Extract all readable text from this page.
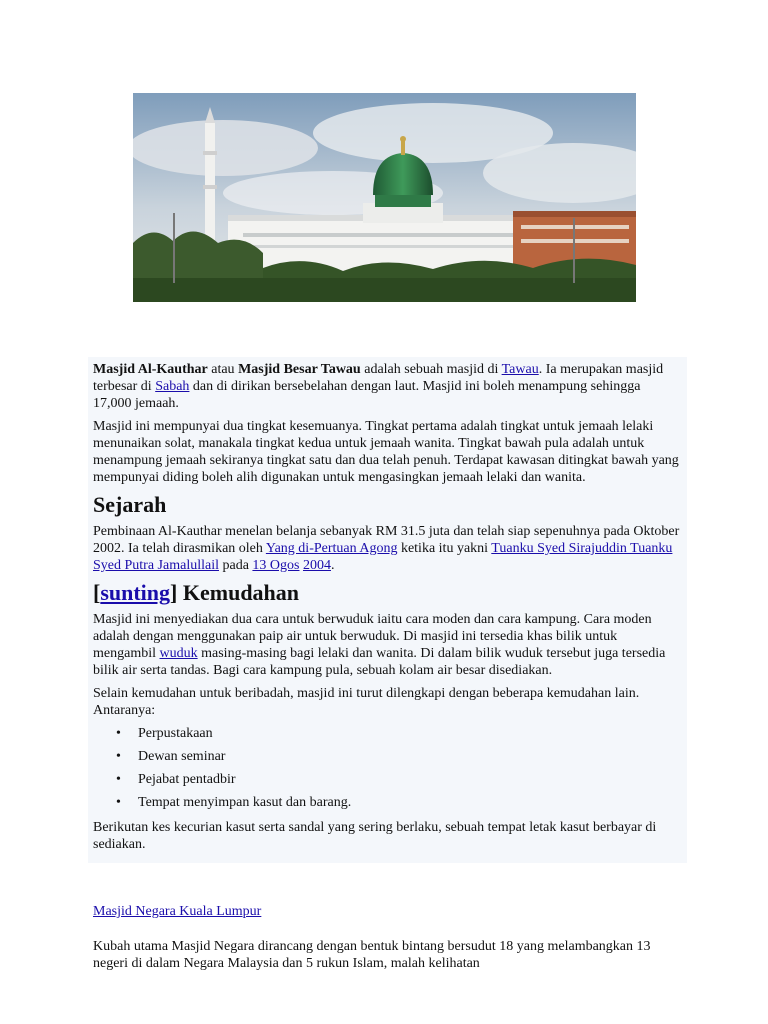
Masjid Al-Kauthar atau Masjid Besar Tawau adalah sebuah masjid di Tawau. Ia merupakan masjid terbesar di Sabah dan di dirikan bersebelahan dengan laut. Masjid ini boleh menampung sehingga 17,000 jemaah.

Masjid ini mempunyai dua tingkat kesemuanya. Tingkat pertama adalah tingkat untuk jemaah lelaki menunaikan solat, manakala tingkat kedua untuk jemaah wanita. Tingkat bawah pula adalah untuk menampung jemaah sekiranya tingkat satu dan dua telah penuh. Terdapat kawasan ditingkat bawah yang mempunyai diding boleh alih digunakan untuk mengasingkan jemaah lelaki dan wanita.

Sejarah

Pembinaan Al-Kauthar menelan belanja sebanyak RM 31.5 juta dan telah siap sepenuhnya pada Oktober 2002. Ia telah dirasmikan oleh Yang di-Pertuan Agong ketika itu yakni Tuanku Syed Sirajuddin Tuanku Syed Putra Jamalullail pada 13 Ogos 2004.

[sunting] Kemudahan

Masjid ini menyediakan dua cara untuk berwuduk iaitu cara moden dan cara kampung. Cara moden adalah dengan menggunakan paip air untuk berwuduk. Di masjid ini tersedia khas bilik untuk mengambil wuduk masing-masing bagi lelaki dan wanita. Di dalam bilik wuduk tersebut juga tersedia bilik air serta tandas. Bagi cara kampung pula, sebuah kolam air besar disediakan.

Selain kemudahan untuk beribadah, masjid ini turut dilengkapi dengan beberapa kemudahan lain. Antaranya:

• Perpustakaan
• Dewan seminar
• Pejabat pentadbir
• Tempat menyimpan kasut dan barang.

Berikutan kes kecurian kasut serta sandal yang sering berlaku, sebuah tempat letak kasut berbayar di sediakan.

Masjid Negara Kuala Lumpur

Kubah utama Masjid Negara dirancang dengan bentuk bintang bersudut 18 yang melambangkan 13 negeri di dalam Negara Malaysia dan 5 rukun Islam, malah kelihatan
